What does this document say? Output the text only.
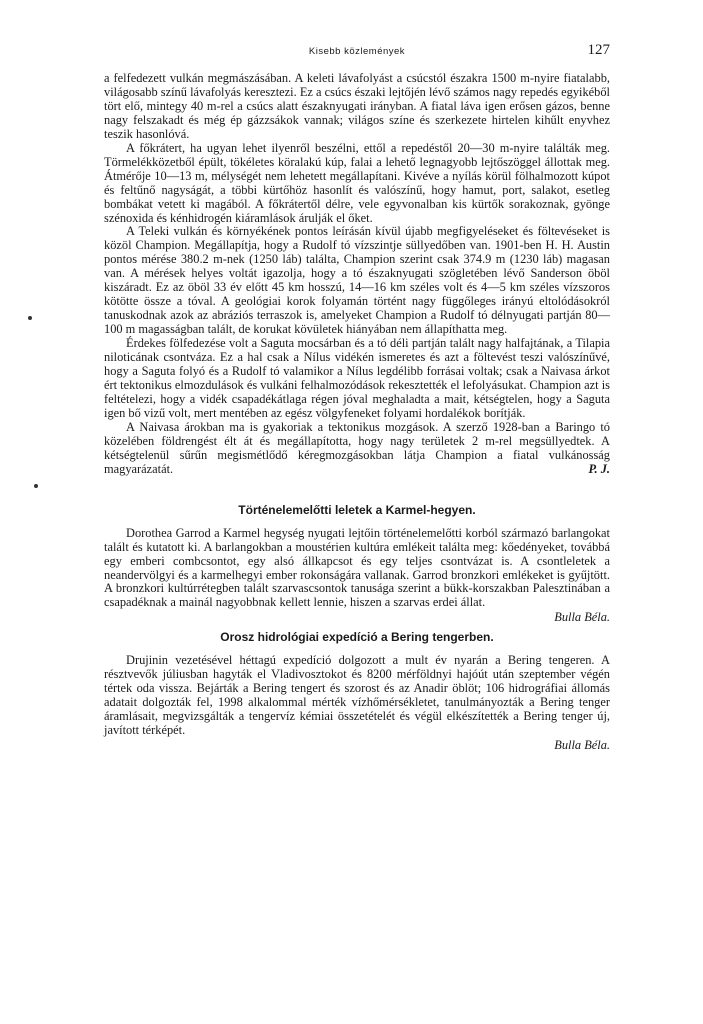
Kisebb közlemények	127

a felfedezett vulkán megmászásában. A keleti lávafolyást a csúcstól északra 1500 m-nyire fiatalabb, világosabb színű lávafolyás keresztezi. Ez a csúcs északi lejtőjén lévő számos nagy repedés egyikéből tört elő, mintegy 40 m-rel a csúcs alatt északnyugati irányban. A fiatal láva igen erősen gázos, benne nagy felszakadt és még ép gázzsákok vannak; világos színe és szerkezete hirtelen kihűlt enyvhez teszik hasonlóvá.

A főkrátert, ha ugyan lehet ilyenről beszélni, ettől a repedéstől 20—30 m-nyire találták meg. Törmelékközetből épült, tökéletes köralakú kúp, falai a lehető legnagyobb lejtőszöggel állottak meg. Átmérője 10—13 m, mélységét nem lehetett megállapítani. Kivéve a nyílás körül fölhalmozott kúpot és feltűnő nagyságát, a többi kürtőhöz hasonlít és valószínű, hogy hamut, port, salakot, esetleg bombákat vetett ki magából. A főkrátertől délre, vele egyvonalban kis kürtők sorakoznak, gyönge szénoxida és kénhidrogén kiáramlások árulják el őket.

A Teleki vulkán és környékének pontos leírásán kívül újabb megfigyeléseket és föltevéseket is közöl Champion. Megállapítja, hogy a Rudolf tó vízszintje süllyedőben van. 1901-ben H. H. Austin pontos mérése 380.2 m-nek (1250 láb) találta, Champion szerint csak 374.9 m (1230 láb) magasan van. A mérések helyes voltát igazolja, hogy a tó északnyugati szögletében lévő Sanderson öböl kiszáradt. Ez az öböl 33 év előtt 45 km hosszú, 14—16 km széles volt és 4—5 km széles vízszoros kötötte össze a tóval. A geológiai korok folyamán történt nagy függőleges irányú eltolódásokról tanuskodnak azok az abráziós terraszok is, amelyeket Champion a Rudolf tó délnyugati partján 80—100 m magasságban talált, de korukat kövületek hiányában nem állapíthatta meg.

Érdekes fölfedezése volt a Saguta mocsárban és a tó déli partján talált nagy halfajtának, a Tilapia niloticának csontváza. Ez a hal csak a Nílus vidékén ismeretes és azt a föltevést teszi valószínűvé, hogy a Saguta folyó és a Rudolf tó valamikor a Nílus legdélibb forrásai voltak; csak a Naivasa árkot ért tektonikus elmozdulások és vulkáni felhalmozódások rekesztették el lefolyásukat. Champion azt is feltételezi, hogy a vidék csapadékátlaga régen jóval meghaladta a mait, kétségtelen, hogy a Saguta igen bő vizű volt, mert mentében az egész völgyfeneket folyami hordalékok borítják.

A Naivasa árokban ma is gyakoriak a tektonikus mozgások. A szerző 1928-ban a Baringo tó közelében földrengést élt át és megállapította, hogy nagy területek 2 m-rel megsüllyedtek. A kétségtelenül sűrűn megismétlődő kéregmozgásokban látja Champion a fiatal vulkánosság magyarázatát.	P. J.

Történelemelőtti leletek a Karmel-hegyen.

Dorothea Garrod a Karmel hegység nyugati lejtőin történelemelőtti korból származó barlangokat talált és kutatott ki. A barlangokban a moustérien kultúra emlékeit találta meg: kőedényeket, továbbá egy emberi combcsontot, egy alsó állkapcsot és egy teljes csontvázat is. A csontleletek a neandervölgyi és a karmelhegyi ember rokonságára vallanak. Garrod bronzkori emlékeket is gyűjtött. A bronzkori kultúrrétegben talált szarvascsontok tanusága szerint a bükk-korszakban Palesztinában a csapadéknak a mainál nagyobbnak kellett lennie, hiszen a szarvas erdei állat.

Bulla Béla.

Orosz hidrológiai expedíció a Bering tengerben.

Drujinin vezetésével héttagú expedíció dolgozott a mult év nyarán a Bering tengeren. A résztvevők júliusban hagyták el Vladivosztokot és 8200 mérföldnyi hajóút után szeptember végén tértek oda vissza. Bejárták a Bering tengert és szorost és az Anadir öblöt; 106 hidrográfiai állomás adatait dolgozták fel, 1998 alkalommal mérték vízhőmérsékletet, tanulmányozták a Bering tenger áramlásait, megvizsgálták a tengervíz kémiai összetételét és végül elkészítették a Bering tenger új, javított térképét.

Bulla Béla.
